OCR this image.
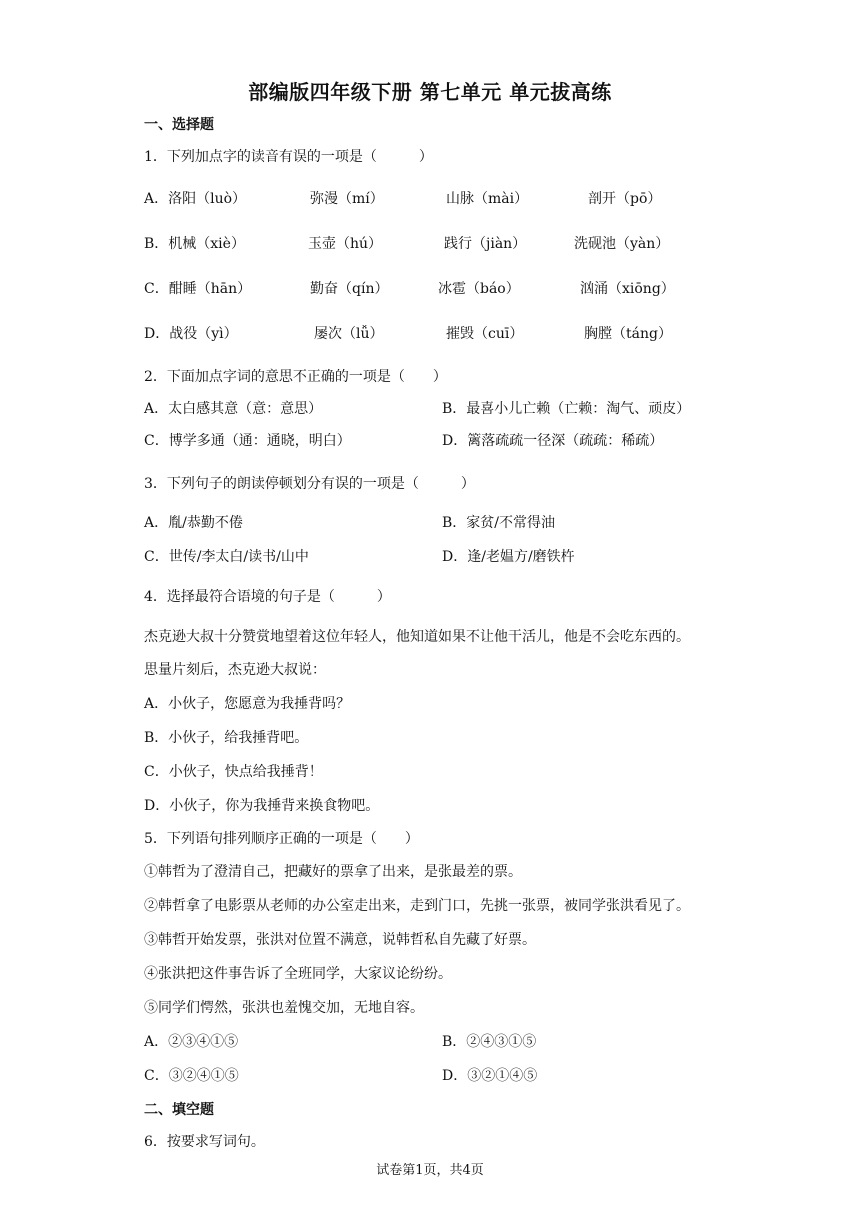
部编版四年级下册 第七单元 单元拔高练
一、选择题
1．下列加点字的读音有误的一项是（　　　）
A．洛阳（luò）	弥漫（mí）	山脉（mài）	剖开（pō）
B．机械（xiè）	玉壶（hú）	践行（jiàn）	洗砚池（yàn）
C．酣睡（hān）	勤奋（qín）	冰雹（báo）	汹涌（xiōng）
D．战役（yì）	屡次（lǚ）	摧毁（cuī）	胸膛（táng）
2．下面加点字词的意思不正确的一项是（　　）
A．太白感其意（意：意思）	B．最喜小儿亡赖（亡赖：淘气、顽皮）
C．博学多通（通：通晓，明白）	D．篱落疏疏一径深（疏疏：稀疏）
3．下列句子的朗读停顿划分有误的一项是（　　　）
A．胤/恭勤不倦	B．家贫/不常得油
C．世传/李太白/读书/山中	D．逢/老媪方/磨铁杵
4．选择最符合语境的句子是（　　　）
杰克逊大叔十分赞赏地望着这位年轻人，他知道如果不让他干活儿，他是不会吃东西的。
思量片刻后，杰克逊大叔说：
A．小伙子，您愿意为我捶背吗？
B．小伙子，给我捶背吧。
C．小伙子，快点给我捶背！
D．小伙子，你为我捶背来换食物吧。
5．下列语句排列顺序正确的一项是（　　）
①韩哲为了澄清自己，把藏好的票拿了出来，是张最差的票。
②韩哲拿了电影票从老师的办公室走出来，走到门口，先挑一张票，被同学张洪看见了。
③韩哲开始发票，张洪对位置不满意，说韩哲私自先藏了好票。
④张洪把这件事告诉了全班同学，大家议论纷纷。
⑤同学们愕然，张洪也羞愧交加，无地自容。
A．②③④①⑤	B．②④③①⑤
C．③②④①⑤	D．③②①④⑤
二、填空题
6．按要求写词句。
试卷第1页，共4页
